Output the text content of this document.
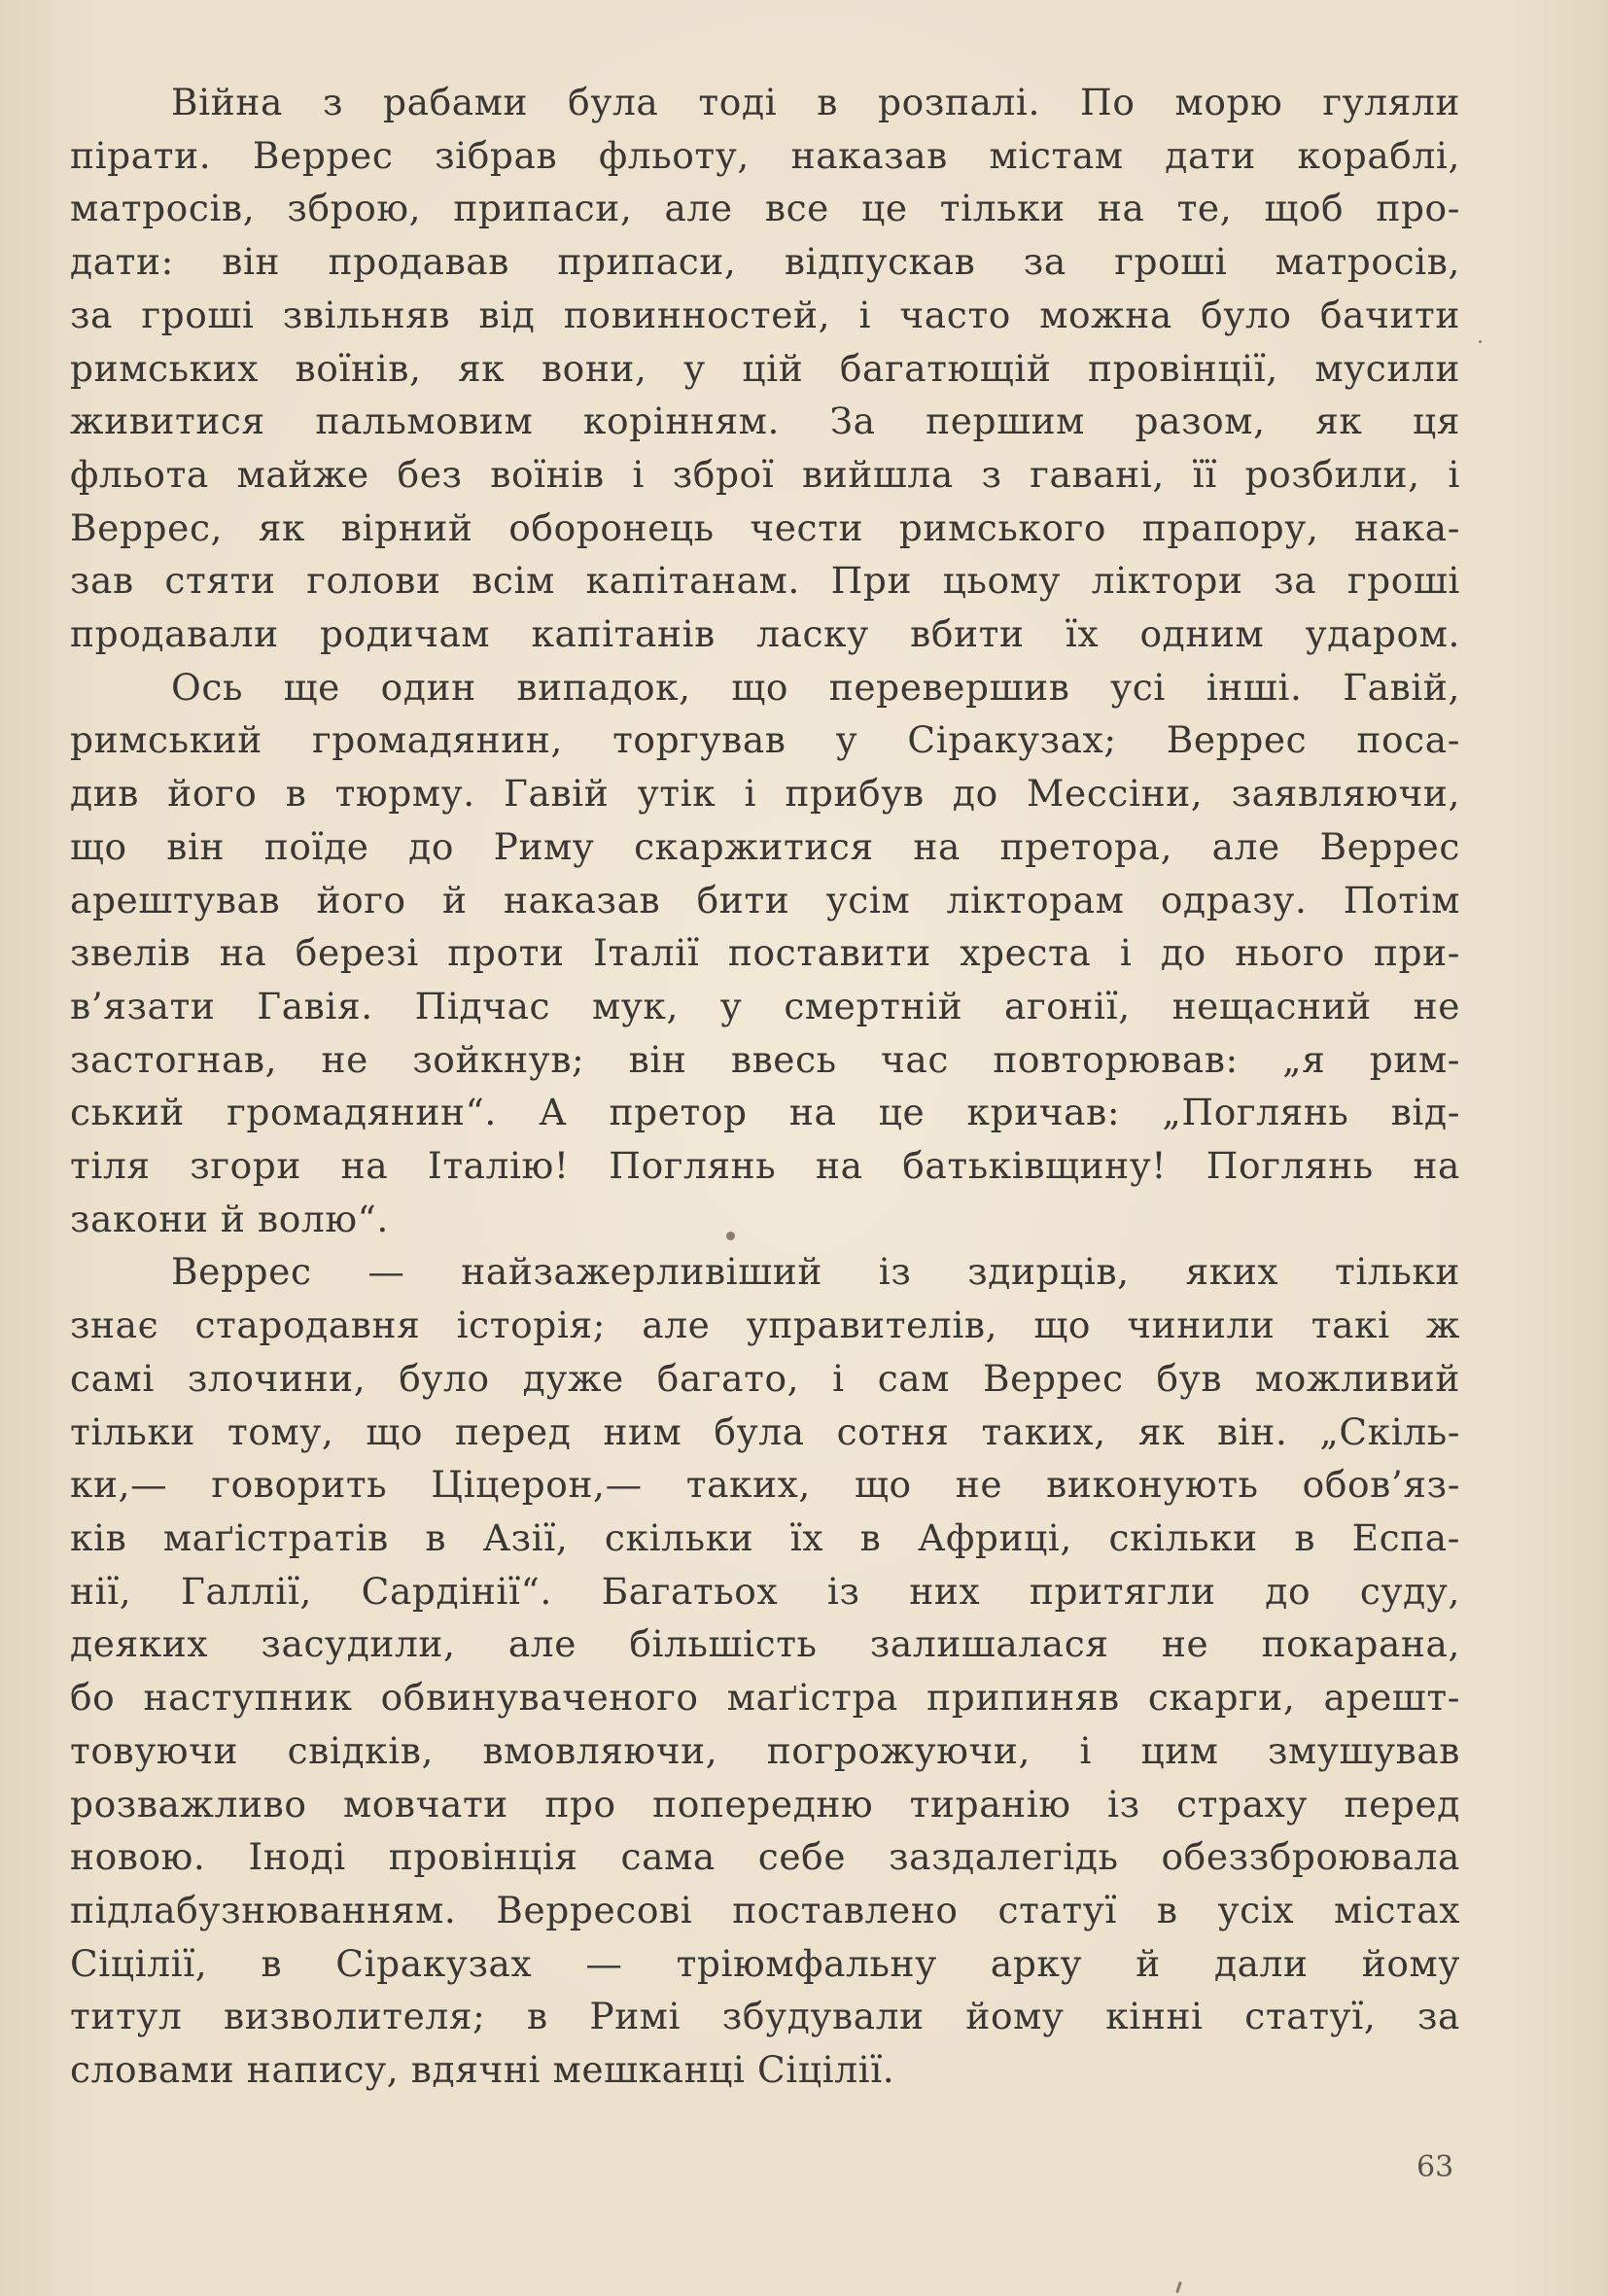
Війна з рабами була тоді в розпалі. По морю гуляли
пірати. Веррес зібрав фльоту, наказав містам дати кораблі,
матросів, зброю, припаси, але все це тільки на те, щоб про-
дати: він продавав припаси, відпускав за гроші матросів,
за гроші звільняв від повинностей, і часто можна було бачити
римських воїнів, як вони, у цій багатющій провінції, мусили
живитися пальмовим корінням. За першим разом, як ця
фльота майже без воїнів і зброї вийшла з гавані, її розбили, і
Веррес, як вірний оборонець чести римського прапору, нака-
зав стяти голови всім капітанам. При цьому ліктори за гроші
продавали родичам капітанів ласку вбити їх одним ударом.

Ось ще один випадок, що перевершив усі інші. Гавій,
римський громадянин, торгував у Сіракузах; Веррес поса-
див його в тюрму. Гавій утік і прибув до Мессіни, заявляючи,
що він поїде до Риму скаржитися на претора, але Веррес
арештував його й наказав бити усім лікторам одразу. Потім
звелів на березі проти Італії поставити хреста і до нього при-
в’язати Гавія. Підчас мук, у смертній агонії, нещасний не
застогнав, не зойкнув; він ввесь час повторював: „я рим-
ський громадянин“. А претор на це кричав: „Поглянь від-
тіля згори на Італію! Поглянь на батьківщину! Поглянь на
закони й волю“.

Веррес — найзажерливіший із здирців, яких тільки
знає стародавня історія; але управителів, що чинили такі ж
самі злочини, було дуже багато, і сам Веррес був можливий
тільки тому, що перед ним була сотня таких, як він. „Скіль-
ки,— говорить Ціцерон,— таких, що не виконують обов’яз-
ків маґістратів в Азії, скільки їх в Африці, скільки в Еспа-
нії, Галлії, Сардінії“. Багатьох із них притягли до суду,
деяких засудили, але більшість залишалася не покарана,
бо наступник обвинуваченого маґістра припиняв скарги, арешт-
товуючи свідків, вмовляючи, погрожуючи, і цим змушував
розважливо мовчати про попередню тиранію із страху перед
новою. Іноді провінція сама себе заздалегідь обеззброювала
підлабузнюванням. Верресові поставлено статуї в усіх містах
Сіцілії, в Сіракузах — тріюмфальну арку й дали йому
титул визволителя; в Римі збудували йому кінні статуї, за
словами напису, вдячні мешканці Сіцілії.

63
